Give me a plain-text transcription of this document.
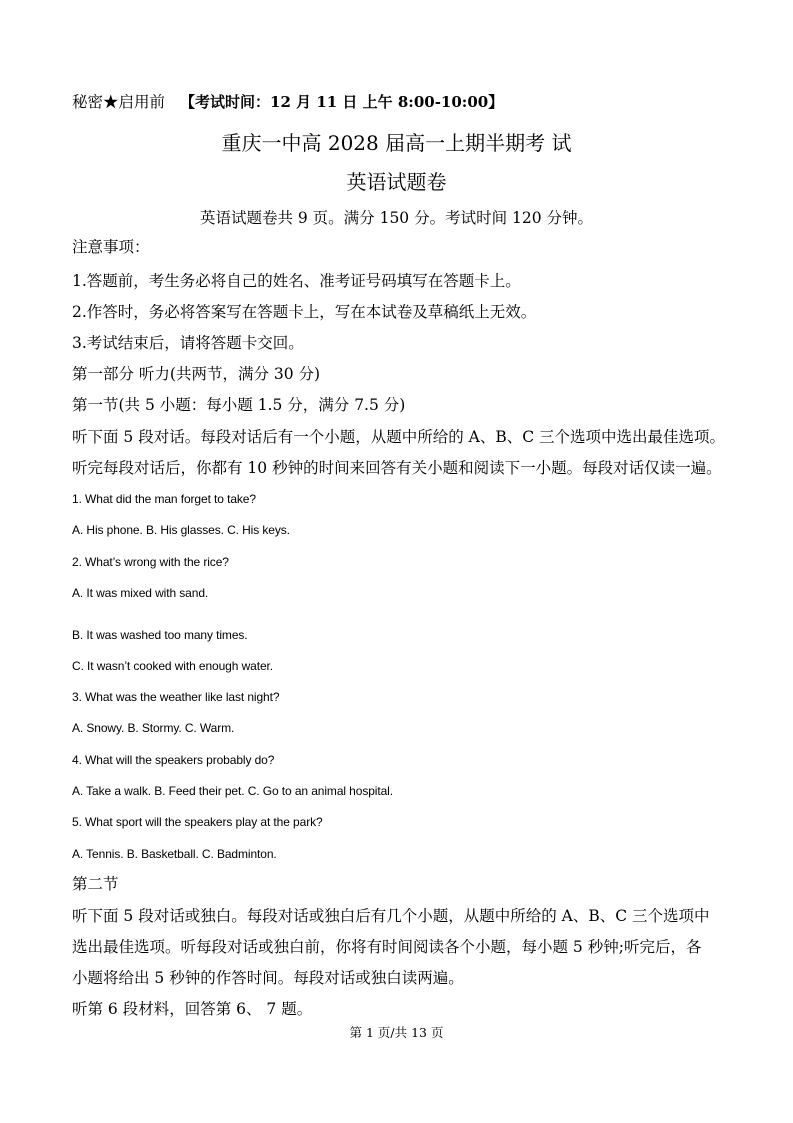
秘密★启用前 【考试时间：12 月 11 日 上午 8:00-10:00】
重庆一中高 2028 届高一上期半期考 试
英语试题卷
英语试题卷共 9 页。满分 150 分。考试时间 120 分钟。
注意事项：
1.答题前，考生务必将自己的姓名、准考证号码填写在答题卡上。
2.作答时，务必将答案写在答题卡上，写在本试卷及草稿纸上无效。
3.考试结束后，请将答题卡交回。
第一部分 听力(共两节，满分 30 分)
第一节(共 5 小题：每小题 1.5 分，满分 7.5 分)
听下面 5 段对话。每段对话后有一个小题，从题中所给的 A、B、C 三个选项中选出最佳选项。
听完每段对话后，你都有 10 秒钟的时间来回答有关小题和阅读下一小题。每段对话仅读一遍。
1. What did the man forget to take?
A. His phone. B. His glasses. C. His keys.
2. What’s wrong with the rice?
A. It was mixed with sand.
B. It was washed too many times.
C. It wasn’t cooked with enough water.
3. What was the weather like last night?
A. Snowy. B. Stormy. C. Warm.
4. What will the speakers probably do?
A. Take a walk. B. Feed their pet. C. Go to an animal hospital.
5. What sport will the speakers play at the park?
A. Tennis. B. Basketball. C. Badminton.
第二节
听下面 5 段对话或独白。每段对话或独白后有几个小题，从题中所给的 A、B、C 三个选项中
选出最佳选项。听每段对话或独白前，你将有时间阅读各个小题，每小题 5 秒钟;听完后，各
小题将给出 5 秒钟的作答时间。每段对话或独白读两遍。
听第 6 段材料，回答第 6、 7 题。
第 1 页/共 13 页
